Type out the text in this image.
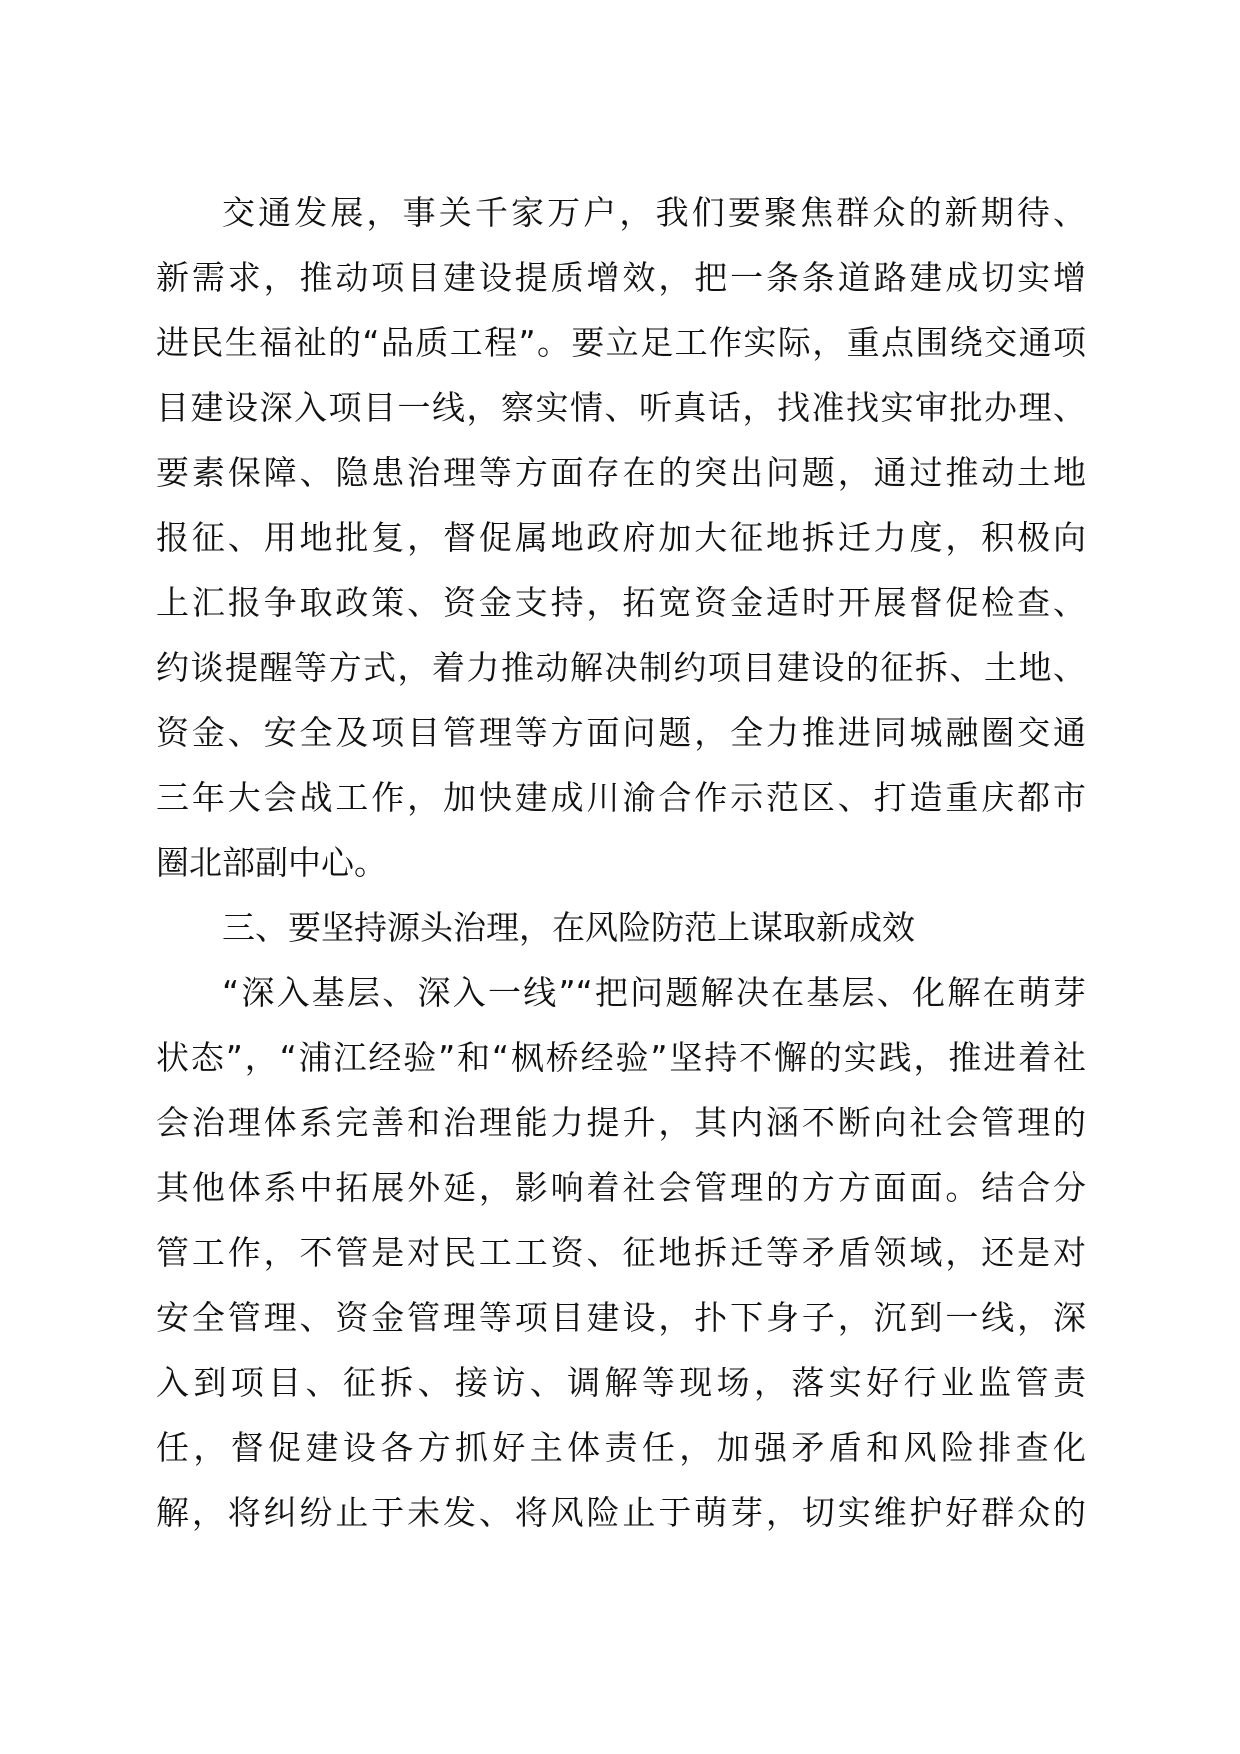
交通发展，事关千家万户，我们要聚焦群众的新期待、
新需求，推动项目建设提质增效，把一条条道路建成切实增
进民生福祉的“品质工程”。要立足工作实际，重点围绕交通项
目建设深入项目一线，察实情、听真话，找准找实审批办理、
要素保障、隐患治理等方面存在的突出问题，通过推动土地
报征、用地批复，督促属地政府加大征地拆迁力度，积极向
上汇报争取政策、资金支持，拓宽资金适时开展督促检查、
约谈提醒等方式，着力推动解决制约项目建设的征拆、土地、
资金、安全及项目管理等方面问题，全力推进同城融圈交通
三年大会战工作，加快建成川渝合作示范区、打造重庆都市
圈北部副中心。
三、要坚持源头治理，在风险防范上谋取新成效
“深入基层、深入一线”“把问题解决在基层、化解在萌芽
状态”，“浦江经验”和“枫桥经验”坚持不懈的实践，推进着社
会治理体系完善和治理能力提升，其内涵不断向社会管理的
其他体系中拓展外延，影响着社会管理的方方面面。结合分
管工作，不管是对民工工资、征地拆迁等矛盾领域，还是对
安全管理、资金管理等项目建设，扑下身子，沉到一线，深
入到项目、征拆、接访、调解等现场，落实好行业监管责
任，督促建设各方抓好主体责任，加强矛盾和风险排查化
解，将纠纷止于未发、将风险止于萌芽，切实维护好群众的
